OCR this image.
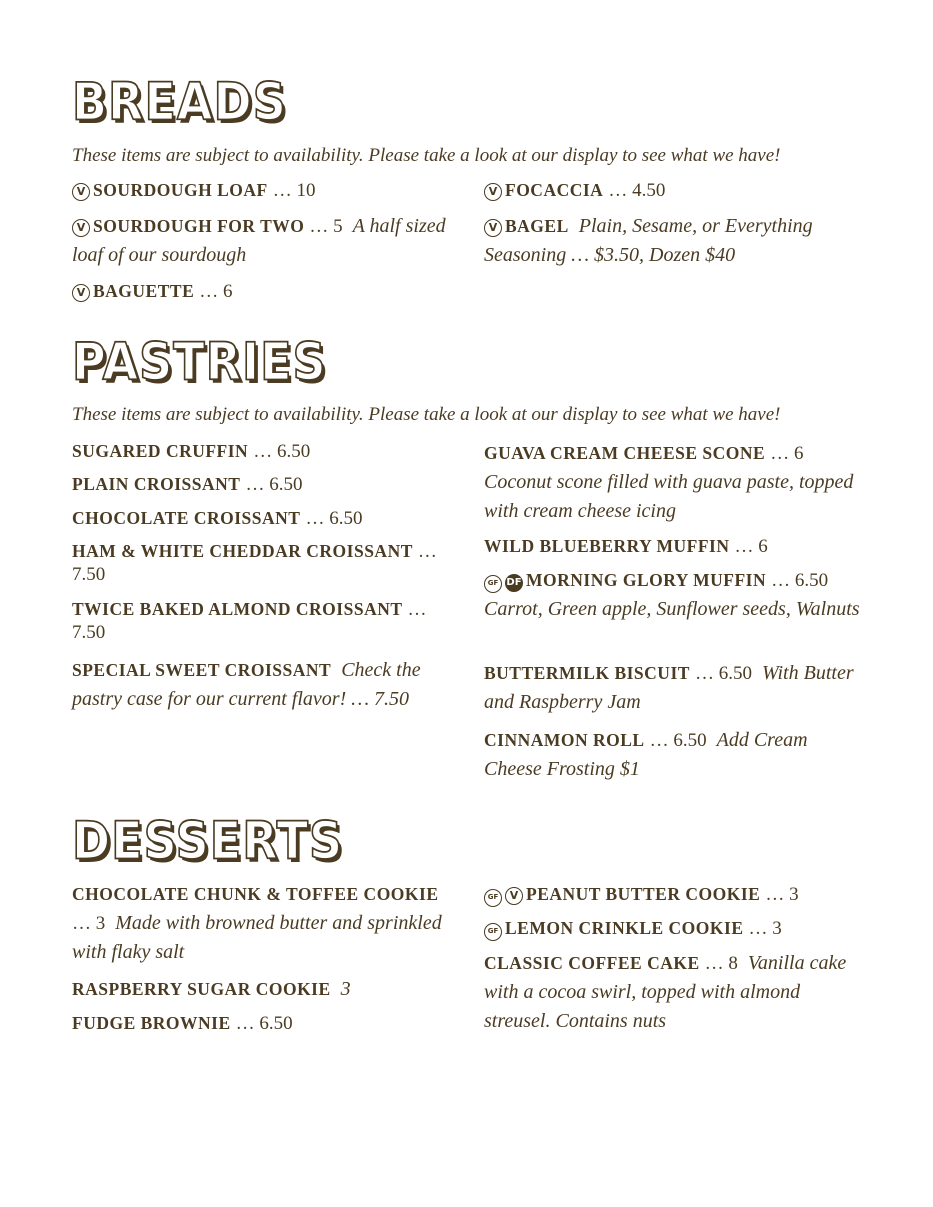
BREADS
These items are subject to availability. Please take a look at our display to see what we have!
V SOURDOUGH LOAF … 10	V FOCACCIA … 4.50
V SOURDOUGH FOR TWO … 5 A half sized loaf of our sourdough
V BAGEL Plain, Sesame, or Everything Seasoning … $3.50, Dozen $40
V BAGUETTE … 6
PASTRIES
These items are subject to availability. Please take a look at our display to see what we have!
SUGARED CRUFFIN … 6.50
PLAIN CROISSANT … 6.50
CHOCOLATE CROISSANT … 6.50
HAM & WHITE CHEDDAR CROISSANT … 7.50
TWICE BAKED ALMOND CROISSANT … 7.50
SPECIAL SWEET CROISSANT Check the pastry case for our current flavor! … 7.50
GUAVA CREAM CHEESE SCONE … 6
Coconut scone filled with guava paste, topped with cream cheese icing
WILD BLUEBERRY MUFFIN … 6
GF DF MORNING GLORY MUFFIN … 6.50  Carrot, Green apple, Sunflower seeds, Walnuts
BUTTERMILK BISCUIT … 6.50 With Butter and Raspberry Jam
CINNAMON ROLL … 6.50 Add Cream Cheese Frosting $1
DESSERTS
CHOCOLATE CHUNK & TOFFEE COOKIE … 3 Made with browned butter and sprinkled with flaky salt
RASPBERRY SUGAR COOKIE 3
FUDGE BROWNIE … 6.50
GF V PEANUT BUTTER COOKIE … 3
GF LEMON CRINKLE COOKIE … 3
CLASSIC COFFEE CAKE … 8 Vanilla cake with a cocoa swirl, topped with almond streusel. Contains nuts
